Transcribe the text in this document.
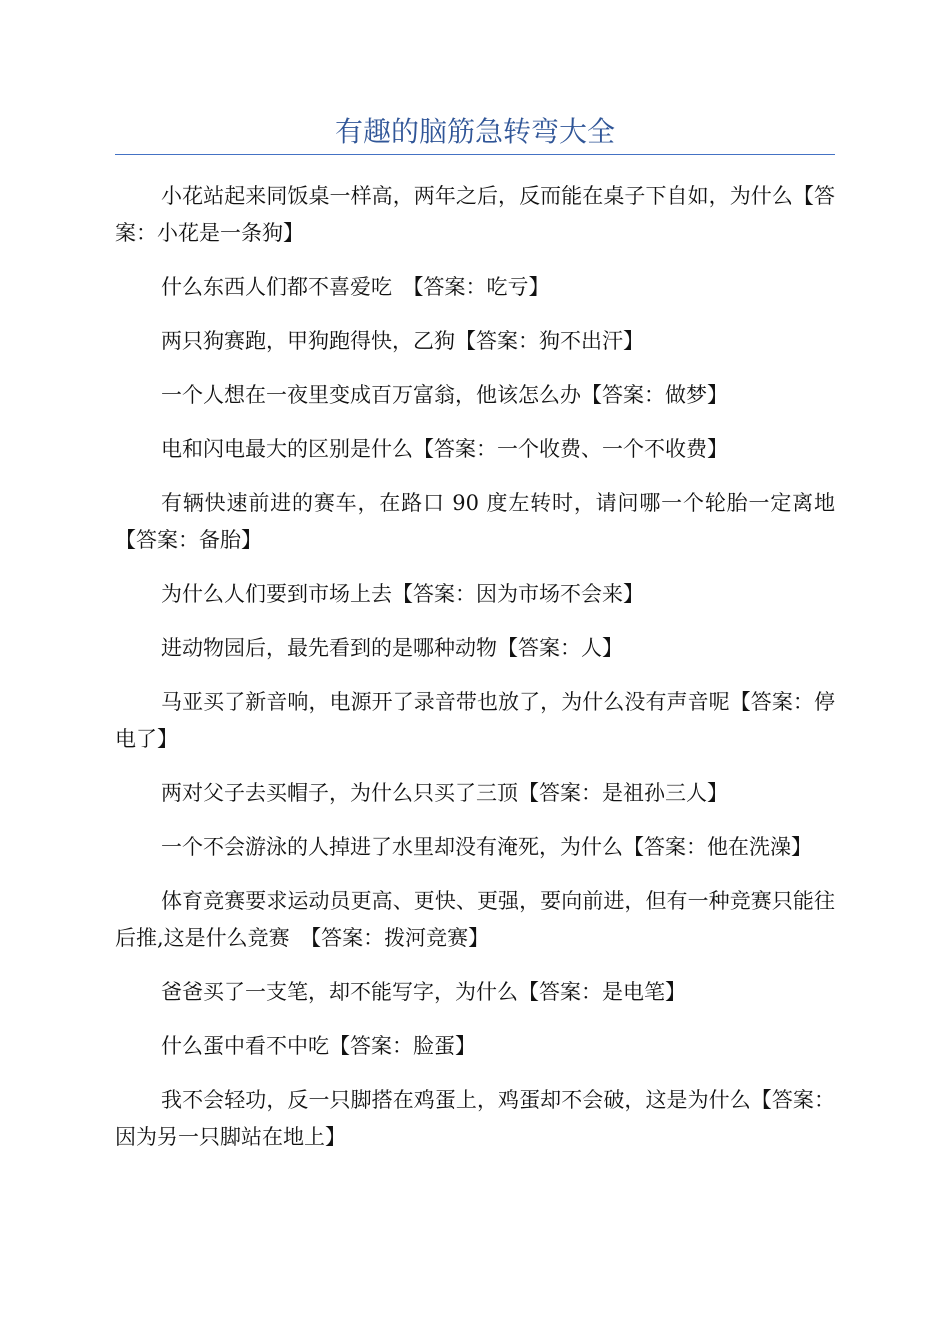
有趣的脑筋急转弯大全

小花站起来同饭桌一样高，两年之后，反而能在桌子下自如，为什么【答案：小花是一条狗】

什么东西人们都不喜爱吃　【答案：吃亏】

两只狗赛跑，甲狗跑得快，乙狗【答案：狗不出汗】

一个人想在一夜里变成百万富翁，他该怎么办【答案：做梦】

电和闪电最大的区别是什么【答案：一个收费、一个不收费】

有辆快速前进的赛车，在路口 90 度左转时，请问哪一个轮胎一定离地【答案：备胎】

为什么人们要到市场上去【答案：因为市场不会来】

进动物园后，最先看到的是哪种动物【答案：人】

马亚买了新音响，电源开了录音带也放了，为什么没有声音呢【答案：停电了】

两对父子去买帽子，为什么只买了三顶【答案：是祖孙三人】

一个不会游泳的人掉进了水里却没有淹死，为什么【答案：他在洗澡】

体育竞赛要求运动员更高、更快、更强，要向前进，但有一种竞赛只能往后推,这是什么竞赛　【答案：拨河竞赛】

爸爸买了一支笔，却不能写字，为什么【答案：是电笔】

什么蛋中看不中吃【答案：脸蛋】

我不会轻功，反一只脚搭在鸡蛋上，鸡蛋却不会破，这是为什么【答案：因为另一只脚站在地上】
